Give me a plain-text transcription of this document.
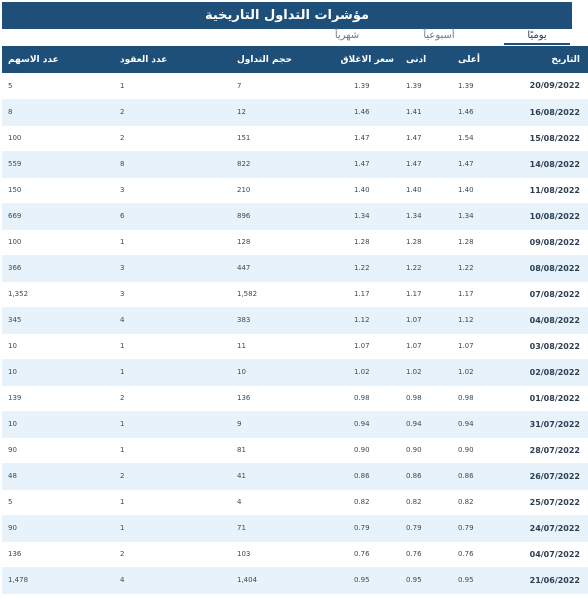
مؤشرات التداول التاريخية
يوميًا
أسبوعياً
شهرياً
التاريخ	أعلى	ادنى	سعر الاغلاق	حجم التداول	عدد العقود	عدد الاسهم
20/09/2022	1.39	1.39	1.39	7	1	5
16/08/2022	1.46	1.41	1.46	12	2	8
15/08/2022	1.54	1.47	1.47	151	2	100
14/08/2022	1.47	1.47	1.47	822	8	559
11/08/2022	1.40	1.40	1.40	210	3	150
10/08/2022	1.34	1.34	1.34	896	6	669
09/08/2022	1.28	1.28	1.28	128	1	100
08/08/2022	1.22	1.22	1.22	447	3	366
07/08/2022	1.17	1.17	1.17	1,582	3	1,352
04/08/2022	1.12	1.07	1.12	383	4	345
03/08/2022	1.07	1.07	1.07	11	1	10
02/08/2022	1.02	1.02	1.02	10	1	10
01/08/2022	0.98	0.98	0.98	136	2	139
31/07/2022	0.94	0.94	0.94	9	1	10
28/07/2022	0.90	0.90	0.90	81	1	90
26/07/2022	0.86	0.86	0.86	41	2	48
25/07/2022	0.82	0.82	0.82	4	1	5
24/07/2022	0.79	0.79	0.79	71	1	90
04/07/2022	0.76	0.76	0.76	103	2	136
21/06/2022	0.95	0.95	0.95	1,404	4	1,478
